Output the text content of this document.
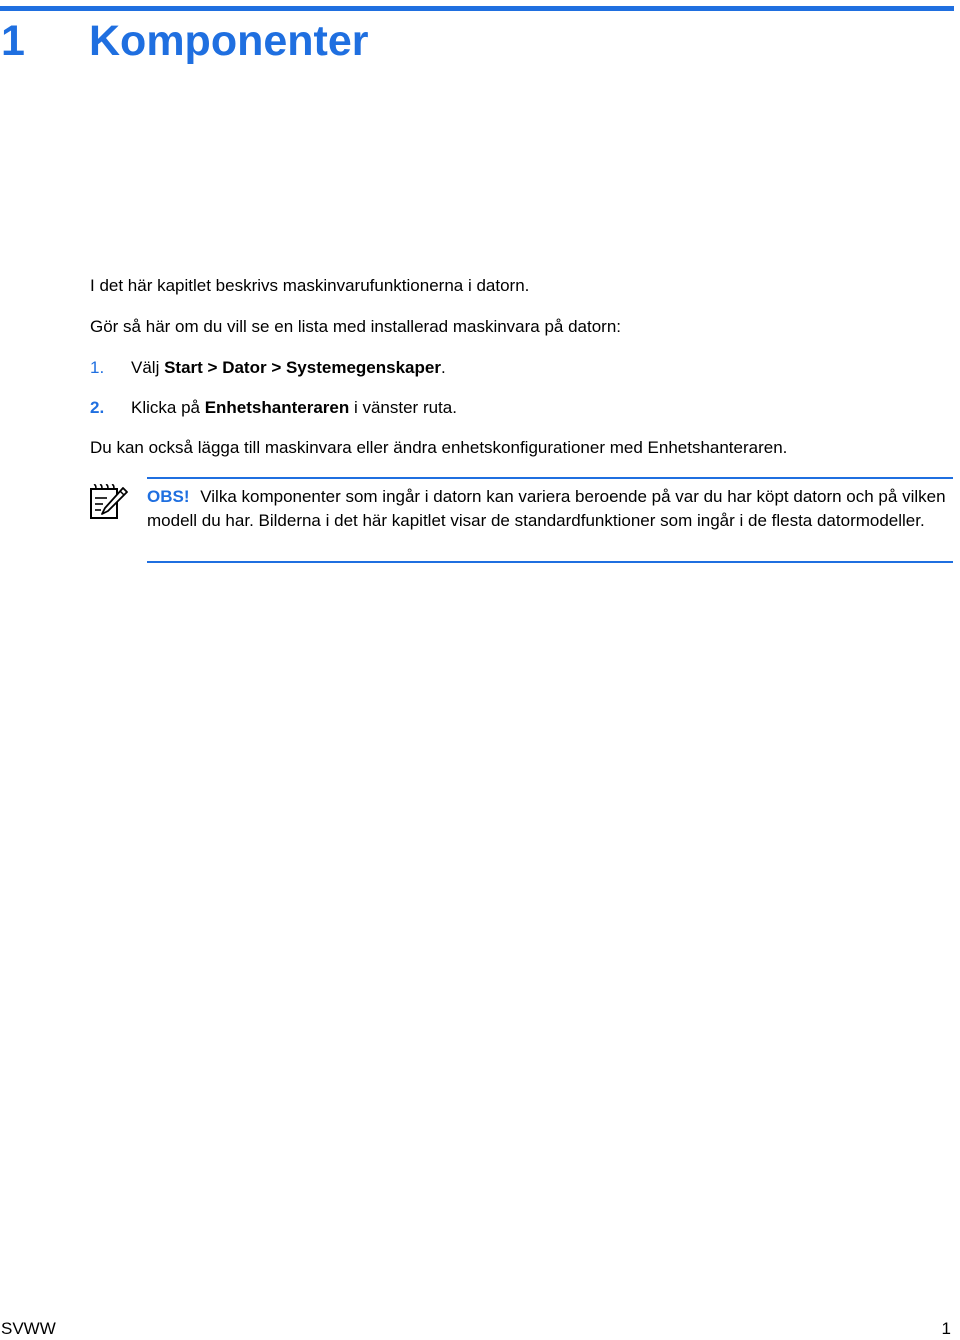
1 Komponenter
I det här kapitlet beskrivs maskinvarufunktionerna i datorn.
Gör så här om du vill se en lista med installerad maskinvara på datorn:
1. Välj Start > Dator > Systemegenskaper.
2. Klicka på Enhetshanteraren i vänster ruta.
Du kan också lägga till maskinvara eller ändra enhetskonfigurationer med Enhetshanteraren.
OBS! Vilka komponenter som ingår i datorn kan variera beroende på var du har köpt datorn och på vilken modell du har. Bilderna i det här kapitlet visar de standardfunktioner som ingår i de flesta datormodeller.
SVWW	1
